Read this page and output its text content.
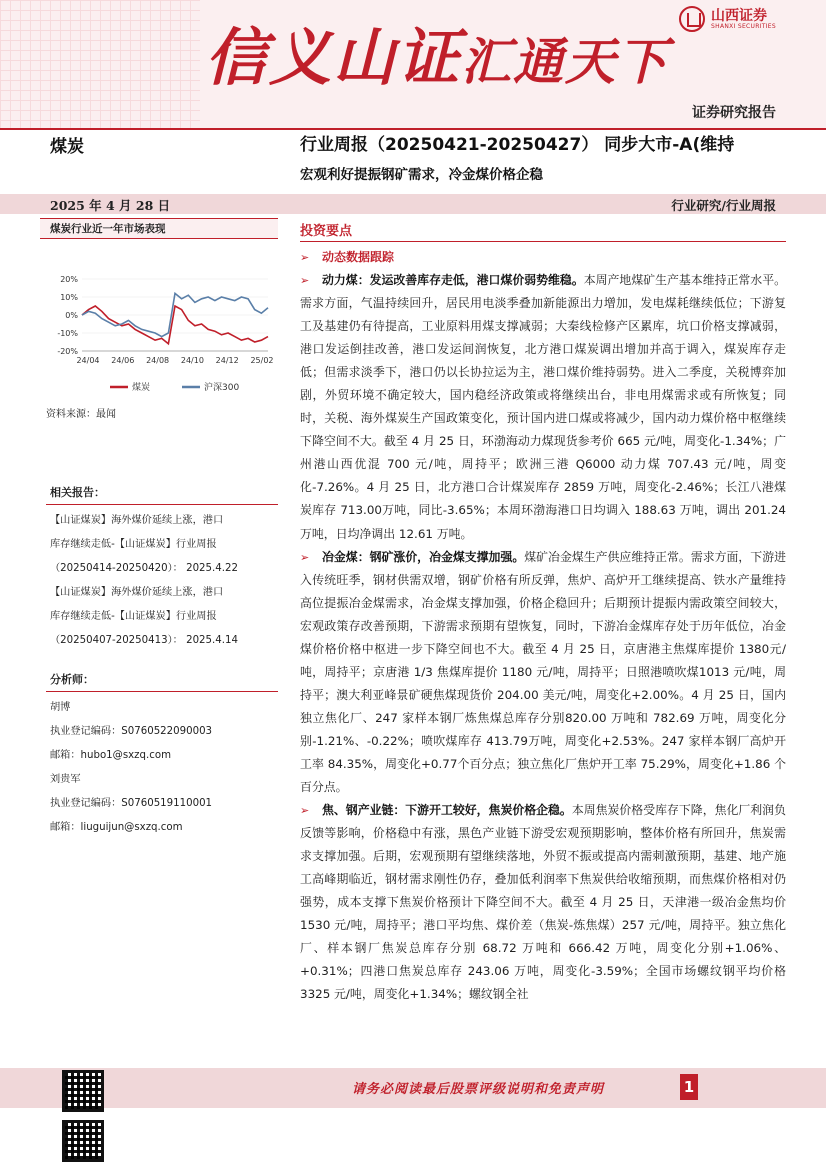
信义山证汇通天下
山西证券
SHANXI SECURITIES
证券研究报告
煤炭	行业周报（20250421-20250427） 同步大市-A(维持
宏观利好提振钢矿需求，冷金煤价格企稳
2025 年 4 月 28 日	行业研究/行业周报
煤炭行业近一年市场表现
20%
10%
0%
-10%
-20%
24/04 24/06 24/08 24/10 24/12 25/02
煤炭	沪深300
资料来源：最闻
相关报告：

【山证煤炭】海外煤价延续上涨，港口

库存继续走低-【山证煤炭】行业周报

（20250414-20250420）： 2025.4.22

【山证煤炭】海外煤价延续上涨，港口

库存继续走低-【山证煤炭】行业周报

（20250407-20250413）： 2025.4.14

分析师：

胡博

执业登记编码：S0760522090003

邮箱：hubo1@sxzq.com

刘贵军

执业登记编码：S0760519110001

邮箱：liuguijun@sxzq.com

投资要点
➢ 动态数据跟踪
➢ 动力煤：发运改善库存走低，港口煤价弱势维稳。本周产地煤矿生产基本维持正常水平。需求方面，气温持续回升，居民用电淡季叠加新能源出力增加，发电煤耗继续低位；下游复工及基建仍有待提高，工业原料用煤支撑减弱；大秦线检修产区累库，坑口价格支撑减弱，港口发运倒挂改善，港口发运间润恢复，北方港口煤炭调出增加并高于调入，煤炭库存走低；但需求淡季下，港口仍以长协拉运为主，港口煤价维持弱势。进入二季度，关税博弈加剧，外贸环境不确定较大，国内稳经济政策或将继续出台，非电用煤需求或有所恢复；同时，关税、海外煤炭生产国政策变化，预计国内进口煤或将减少，国内动力煤价格中枢继续下降空间不大。截至 4 月 25 日，环渤海动力煤现货参考价 665 元/吨，周变化-1.34%；广州港山西优混 700 元/吨，周持平；欧洲三港 Q6000 动力煤 707.43 元/吨，周变化-7.26%。4 月 25 日，北方港口合计煤炭库存 2859 万吨，周变化-2.46%；长江八港煤炭库存 713.00万吨，同比-3.65%；本周环渤海港口日均调入 188.63 万吨，调出 201.24 万吨，日均净调出 12.61 万吨。
➢ 冶金煤：钢矿涨价，冶金煤支撑加强。煤矿冶金煤生产供应维持正常。需求方面，下游进入传统旺季，钢材供需双增，钢矿价格有所反弹，焦炉、高炉开工继续提高、铁水产量维持高位提振冶金煤需求，冶金煤支撑加强，价格企稳回升；后期预计提振内需政策空间较大，宏观政策存改善预期，下游需求预期有望恢复，同时，下游冶金煤库存处于历年低位，冶金煤价格价格中枢进一步下降空间也不大。截至 4 月 25 日，京唐港主焦煤库提价 1380元/吨，周持平；京唐港 1/3 焦煤库提价 1180 元/吨，周持平；日照港喷吹煤1013 元/吨，周持平；澳大利亚峰景矿硬焦煤现货价 204.00 美元/吨，周变化+2.00%。4 月 25 日，国内独立焦化厂、247 家样本钢厂炼焦煤总库存分别820.00 万吨和 782.69 万吨，周变化分别-1.21%、-0.22%；喷吹煤库存 413.79万吨，周变化+2.53%。247 家样本钢厂高炉开工率 84.35%，周变化+0.77个百分点；独立焦化厂焦炉开工率 75.29%，周变化+1.86 个百分点。
➢ 焦、钢产业链：下游开工较好，焦炭价格企稳。本周焦炭价格受库存下降，焦化厂利润负反馈等影响，价格稳中有涨，黑色产业链下游受宏观预期影响，整体价格有所回升，焦炭需求支撑加强。后期，宏观预期有望继续落地，外贸不振或提高内需刺激预期，基建、地产施工高峰期临近，钢材需求刚性仍存，叠加低利润率下焦炭供给收缩预期，而焦煤价格相对仍强势，成本支撑下焦炭价格预计下降空间不大。截至 4 月 25 日，天津港一级冶金焦均价 1530 元/吨，周持平；港口平均焦、煤价差（焦炭-炼焦煤）257 元/吨，周持平。独立焦化厂、样本钢厂焦炭总库存分别 68.72 万吨和 666.42 万吨，周变化分别+1.06%、+0.31%；四港口焦炭总库存 243.06 万吨，周变化-3.59%；全国市场螺纹钢平均价格 3325 元/吨，周变化+1.34%；螺纹钢全社
请务必阅读最后股票评级说明和免责声明	1
